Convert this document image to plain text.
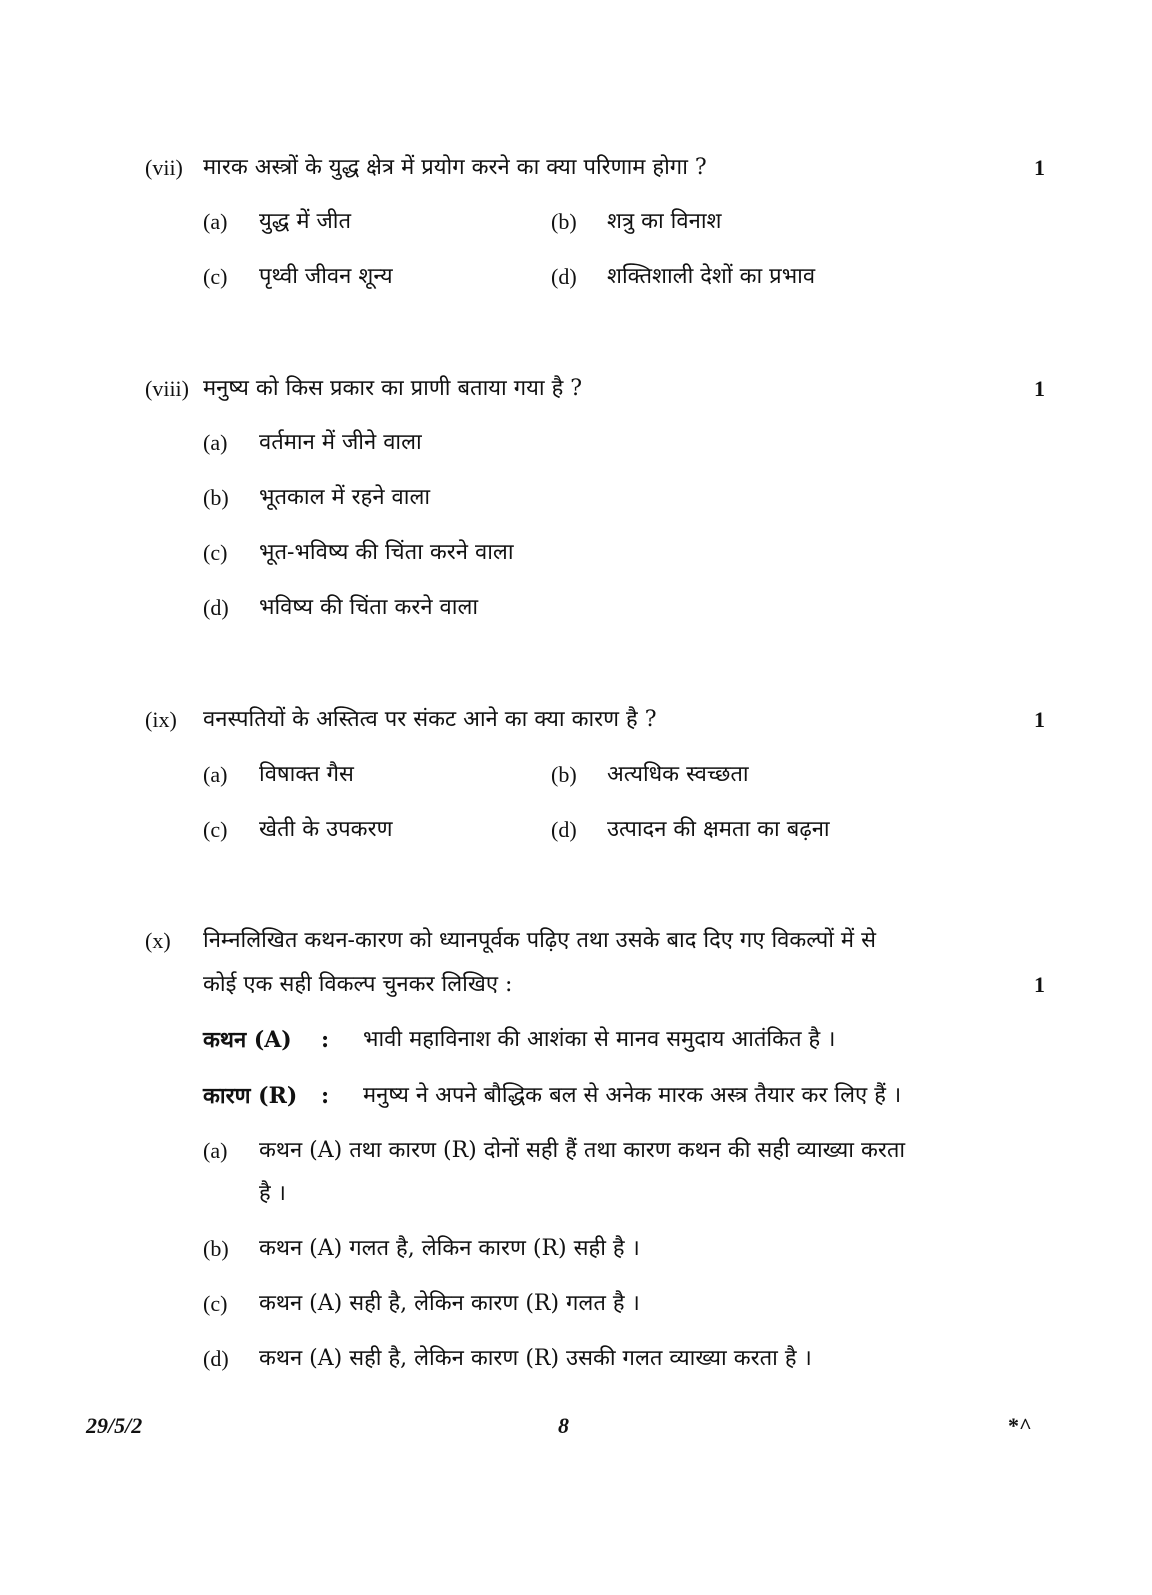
(vii) मारक अस्त्रों के युद्ध क्षेत्र में प्रयोग करने का क्या परिणाम होगा ?	1
(a) युद्ध में जीत	(b) शत्रु का विनाश
(c) पृथ्वी जीवन शून्य	(d) शक्तिशाली देशों का प्रभाव
(viii) मनुष्य को किस प्रकार का प्राणी बताया गया है ?	1
(a) वर्तमान में जीने वाला
(b) भूतकाल में रहने वाला
(c) भूत-भविष्य की चिंता करने वाला
(d) भविष्य की चिंता करने वाला
(ix) वनस्पतियों के अस्तित्व पर संकट आने का क्या कारण है ?	1
(a) विषाक्त गैस	(b) अत्यधिक स्वच्छता
(c) खेती के उपकरण	(d) उत्पादन की क्षमता का बढ़ना
(x) निम्नलिखित कथन-कारण को ध्यानपूर्वक पढ़िए तथा उसके बाद दिए गए विकल्पों में से
कोई एक सही विकल्प चुनकर लिखिए :	1
कथन (A) : भावी महाविनाश की आशंका से मानव समुदाय आतंकित है ।
कारण (R) : मनुष्य ने अपने बौद्धिक बल से अनेक मारक अस्त्र तैयार कर लिए हैं ।
(a) कथन (A) तथा कारण (R) दोनों सही हैं तथा कारण कथन की सही व्याख्या करता
है ।
(b) कथन (A) गलत है, लेकिन कारण (R) सही है ।
(c) कथन (A) सही है, लेकिन कारण (R) गलत है ।
(d) कथन (A) सही है, लेकिन कारण (R) उसकी गलत व्याख्या करता है ।
29/5/2	8	*^
